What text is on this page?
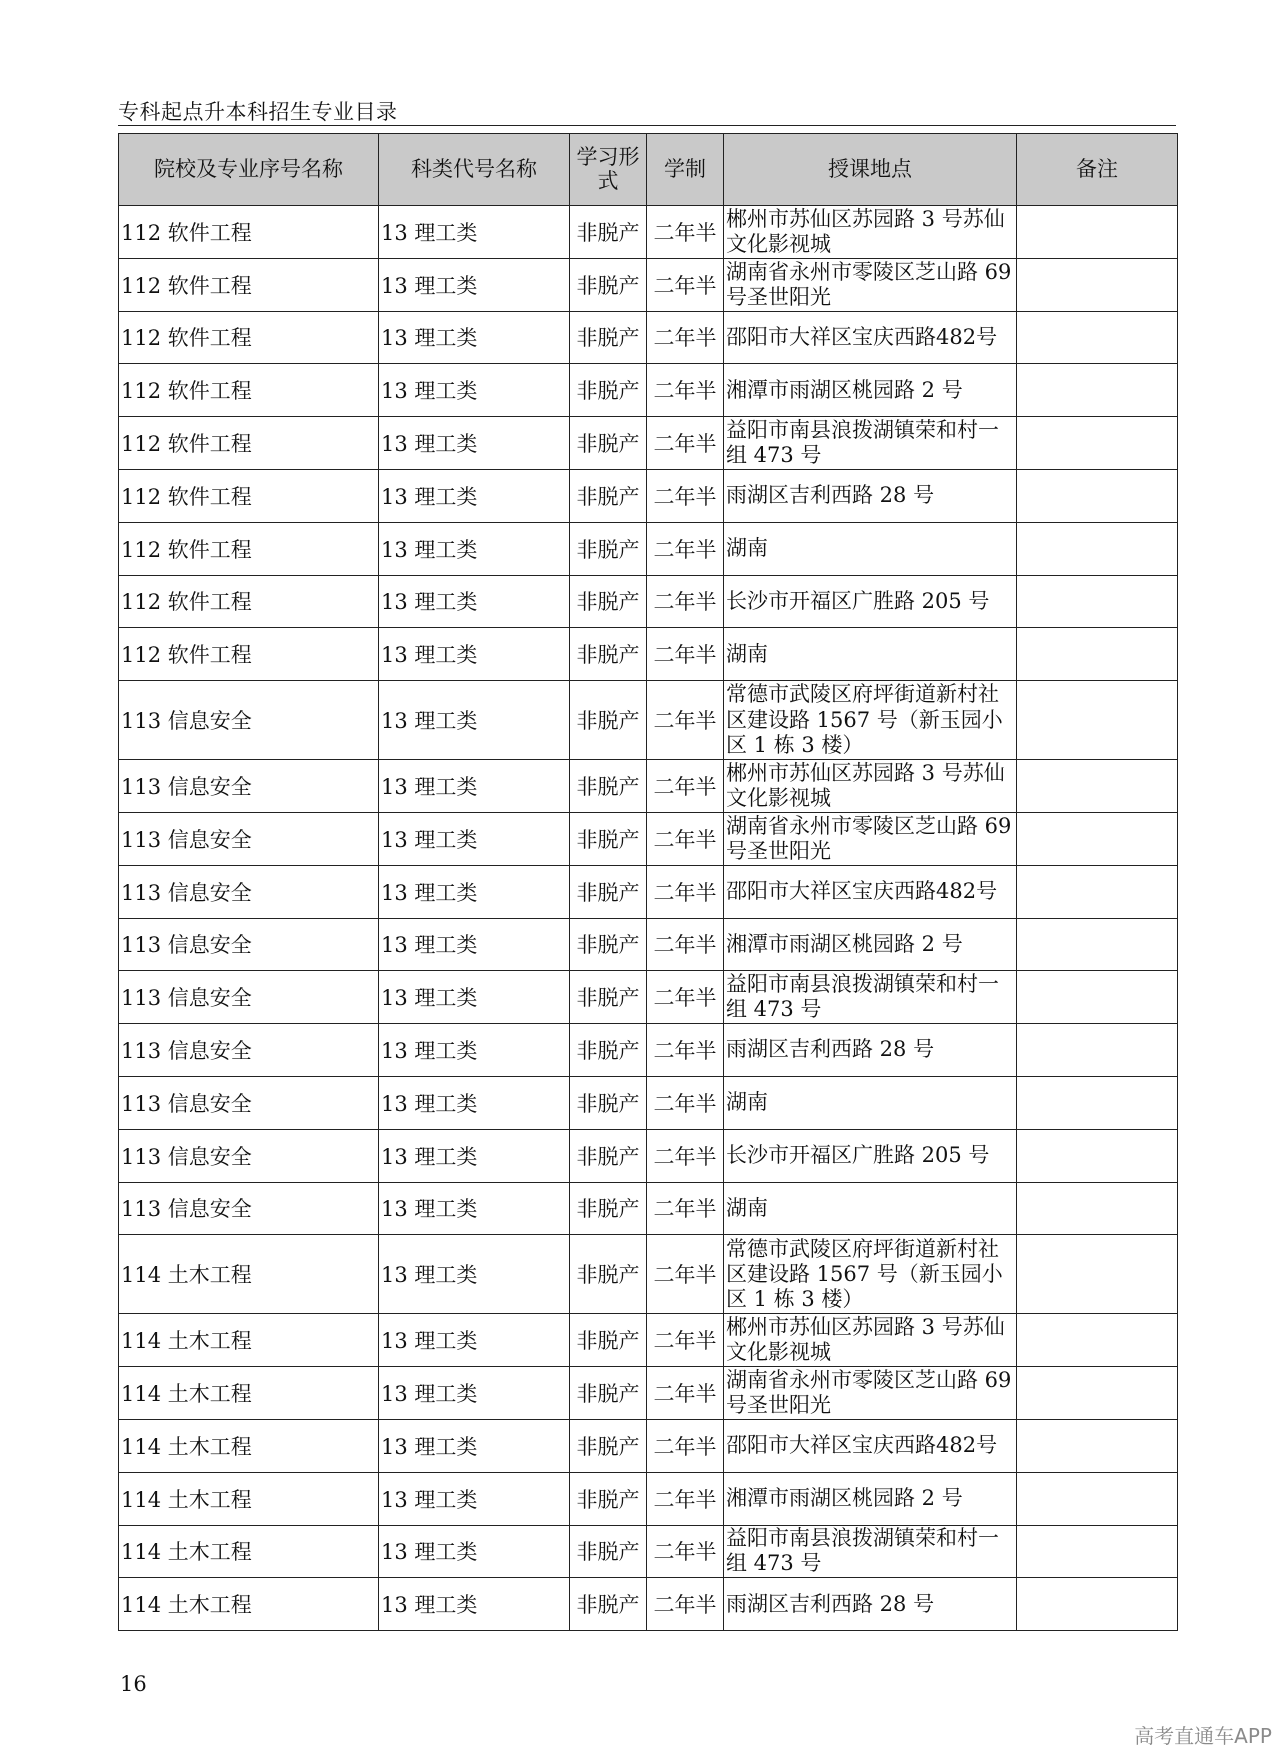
专科起点升本科招生专业目录
院校及专业序号名称	科类代号名称	学习形式	学制	授课地点	备注
112 软件工程	13 理工类	非脱产	二年半	郴州市苏仙区苏园路 3 号苏仙文化影视城	
112 软件工程	13 理工类	非脱产	二年半	湖南省永州市零陵区芝山路 69 号圣世阳光	
112 软件工程	13 理工类	非脱产	二年半	邵阳市大祥区宝庆西路482号	
112 软件工程	13 理工类	非脱产	二年半	湘潭市雨湖区桃园路 2 号	
112 软件工程	13 理工类	非脱产	二年半	益阳市南县浪拨湖镇荣和村一组 473 号	
112 软件工程	13 理工类	非脱产	二年半	雨湖区吉利西路 28 号	
112 软件工程	13 理工类	非脱产	二年半	湖南	
112 软件工程	13 理工类	非脱产	二年半	长沙市开福区广胜路 205 号	
112 软件工程	13 理工类	非脱产	二年半	湖南	
113 信息安全	13 理工类	非脱产	二年半	常德市武陵区府坪街道新村社区建设路 1567 号（新玉园小区 1 栋 3 楼）	
113 信息安全	13 理工类	非脱产	二年半	郴州市苏仙区苏园路 3 号苏仙文化影视城	
113 信息安全	13 理工类	非脱产	二年半	湖南省永州市零陵区芝山路 69 号圣世阳光	
113 信息安全	13 理工类	非脱产	二年半	邵阳市大祥区宝庆西路482号	
113 信息安全	13 理工类	非脱产	二年半	湘潭市雨湖区桃园路 2 号	
113 信息安全	13 理工类	非脱产	二年半	益阳市南县浪拨湖镇荣和村一组 473 号	
113 信息安全	13 理工类	非脱产	二年半	雨湖区吉利西路 28 号	
113 信息安全	13 理工类	非脱产	二年半	湖南	
113 信息安全	13 理工类	非脱产	二年半	长沙市开福区广胜路 205 号	
113 信息安全	13 理工类	非脱产	二年半	湖南	
114 土木工程	13 理工类	非脱产	二年半	常德市武陵区府坪街道新村社区建设路 1567 号（新玉园小区 1 栋 3 楼）	
114 土木工程	13 理工类	非脱产	二年半	郴州市苏仙区苏园路 3 号苏仙文化影视城	
114 土木工程	13 理工类	非脱产	二年半	湖南省永州市零陵区芝山路 69 号圣世阳光	
114 土木工程	13 理工类	非脱产	二年半	邵阳市大祥区宝庆西路482号	
114 土木工程	13 理工类	非脱产	二年半	湘潭市雨湖区桃园路 2 号	
114 土木工程	13 理工类	非脱产	二年半	益阳市南县浪拨湖镇荣和村一组 473 号	
114 土木工程	13 理工类	非脱产	二年半	雨湖区吉利西路 28 号	
16
高考直通车APP
